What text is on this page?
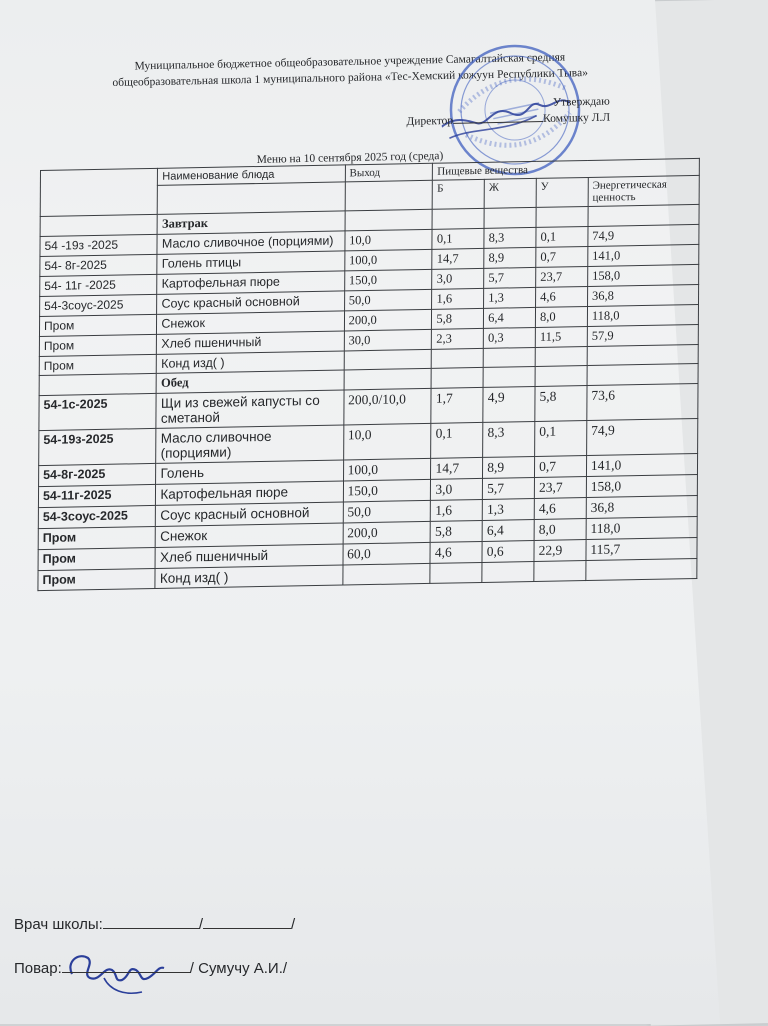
Муниципальное бюджетное общеобразовательное учреждение Самагалтайская средняя
общеобразовательная школа 1 муниципального района «Тес-Хемский кожуун Республики Тыва»
Утверждаю
Директор	Комушку Л.Л
Меню на 10 сентября 2025 год (среда)
	Наименование блюда	Выход	Пищевые вещества			
			Б	Ж	У	Энергетическая ценность
	Завтрак					
54 -19з -2025	Масло сливочное (порциями)	10,0	0,1	8,3	0,1	74,9
54- 8г-2025	Голень птицы	100,0	14,7	8,9	0,7	141,0
54- 11г -2025	Картофельная пюре	150,0	3,0	5,7	23,7	158,0
54-3соус-2025	Соус красный основной	50,0	1,6	1,3	4,6	36,8
Пром	Снежок	200,0	5,8	6,4	8,0	118,0
Пром	Хлеб пшеничный	30,0	2,3	0,3	11,5	57,9
Пром	Конд изд( )					
	Обед					
54-1с-2025	Щи из свежей капусты со сметаной	200,0/10,0	1,7	4,9	5,8	73,6
54-19з-2025	Масло сливочное (порциями)	10,0	0,1	8,3	0,1	74,9
54-8г-2025	Голень	100,0	14,7	8,9	0,7	141,0
54-11г-2025	Картофельная пюре	150,0	3,0	5,7	23,7	158,0
54-3соус-2025	Соус красный основной	50,0	1,6	1,3	4,6	36,8
Пром	Снежок	200,0	5,8	6,4	8,0	118,0
Пром	Хлеб пшеничный	60,0	4,6	0,6	22,9	115,7
Пром	Конд изд( )					
Врач школы:	/	/
Повар:	/ Сумучу А.И./
